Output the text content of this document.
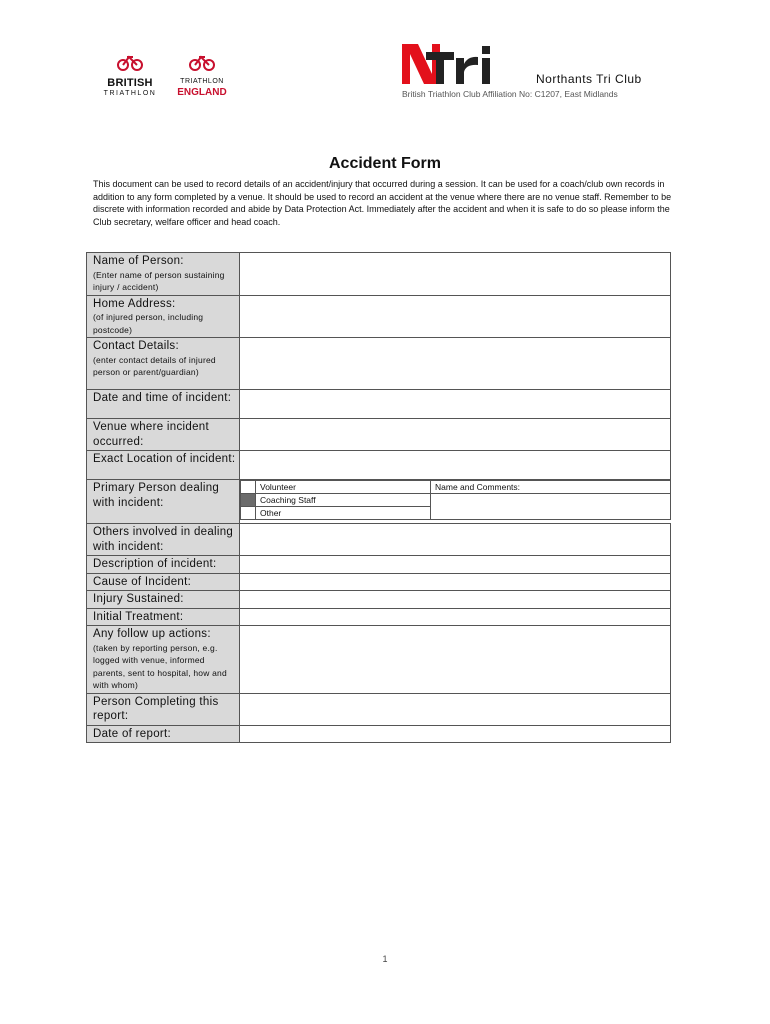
BRITISH
TRIATHLON
TRIATHLON
ENGLAND
Northants Tri Club
British Triathlon Club Affiliation No: C1207, East Midlands
Accident Form
This document can be used to record details of an accident/injury that occurred during a session. It can be used for a coach/club own records in addition to any form completed by a venue. It should be used to record an accident at the venue where there are no venue staff. Remember to be discrete with information recorded and abide by Data Protection Act. Immediately after the accident and when it is safe to do so please inform the Club secretary, welfare officer and head coach.
Name of Person:
(Enter name of person sustaining injury / accident)

Home Address:
(of injured person, including postcode)

Contact Details:
(enter contact details of injured person or parent/guardian)

Date and time of incident:

Venue where incident occurred:

Exact Location of incident:

Primary Person dealing with incident:

	Volunteer	Name and Comments:
	Coaching Staff	
	Other

Others involved in dealing with incident:

Description of incident:

Cause of Incident:

Injury Sustained:

Initial Treatment:

Any follow up actions:
(taken by reporting person, e.g. logged with venue, informed parents, sent to hospital, how and with whom)

Person Completing this report:

Date of report:

1
